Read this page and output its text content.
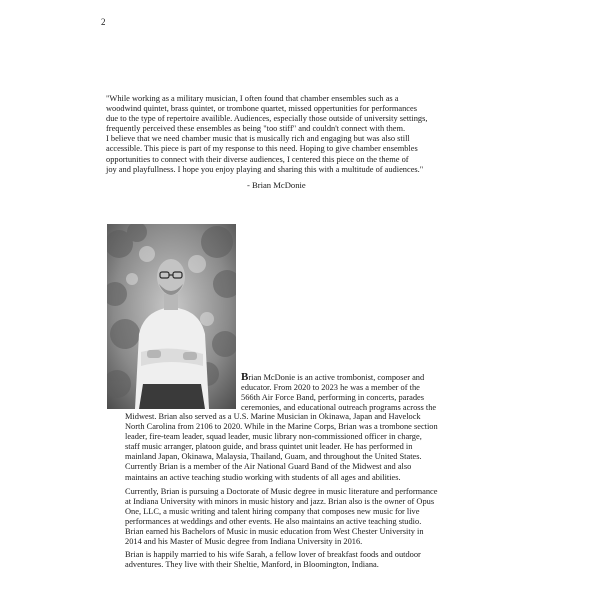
2
"While working as a military musician, I often found that chamber ensembles such as a
woodwind quintet, brass quintet, or trombone quartet, missed oppertunities for performances
due to the type of repertoire availible. Audiences, especially those outside of university settings,
frequently perceived these ensembles as being "too stiff" and couldn't connect with them.
I believe that we need chamber music that is musically rich and engaging but was also still
accessible. This piece is part of my response to this need. Hoping to give chamber ensembles
opportunities to connect with their diverse audiences, I centered this piece on the theme of
joy and playfullness. I hope you enjoy playing and sharing this with a multitude of audiences."
- Brian McDonie
Brian McDonie is an active trombonist, composer and
educator. From 2020 to 2023 he was a member of the
566th Air Force Band, performing in concerts, parades
ceremonies, and educational outreach programs across the
Midwest. Brian also served as a U.S. Marine Musician in Okinawa, Japan and Havelock
North Carolina from 2106 to 2020. While in the Marine Corps, Brian was a trombone section
leader, fire-team leader, squad leader, music library non-commissioned officer in charge,
staff music arranger, platoon guide, and brass quintet unit leader. He has performed in
mainland Japan, Okinawa, Malaysia, Thailand, Guam, and throughout the United States.
Currently Brian is a member of the Air National Guard Band of the Midwest and also
maintains an active teaching studio working with students of all ages and abilities.
Currently, Brian is pursuing a Doctorate of Music degree in music literature and performance
at Indiana University with minors in music history and jazz. Brian also is the owner of Opus
One, LLC, a music writing and talent hiring company that composes new music for live
performances at weddings and other events. He also maintains an active teaching studio.
Brian earned his Bachelors of Music in music education from West Chester University in
2014 and his Master of Music degree from Indiana University in 2016.
Brian is happily married to his wife Sarah, a fellow lover of breakfast foods and outdoor
adventures. They live with their Sheltie, Manford, in Bloomington, Indiana.
